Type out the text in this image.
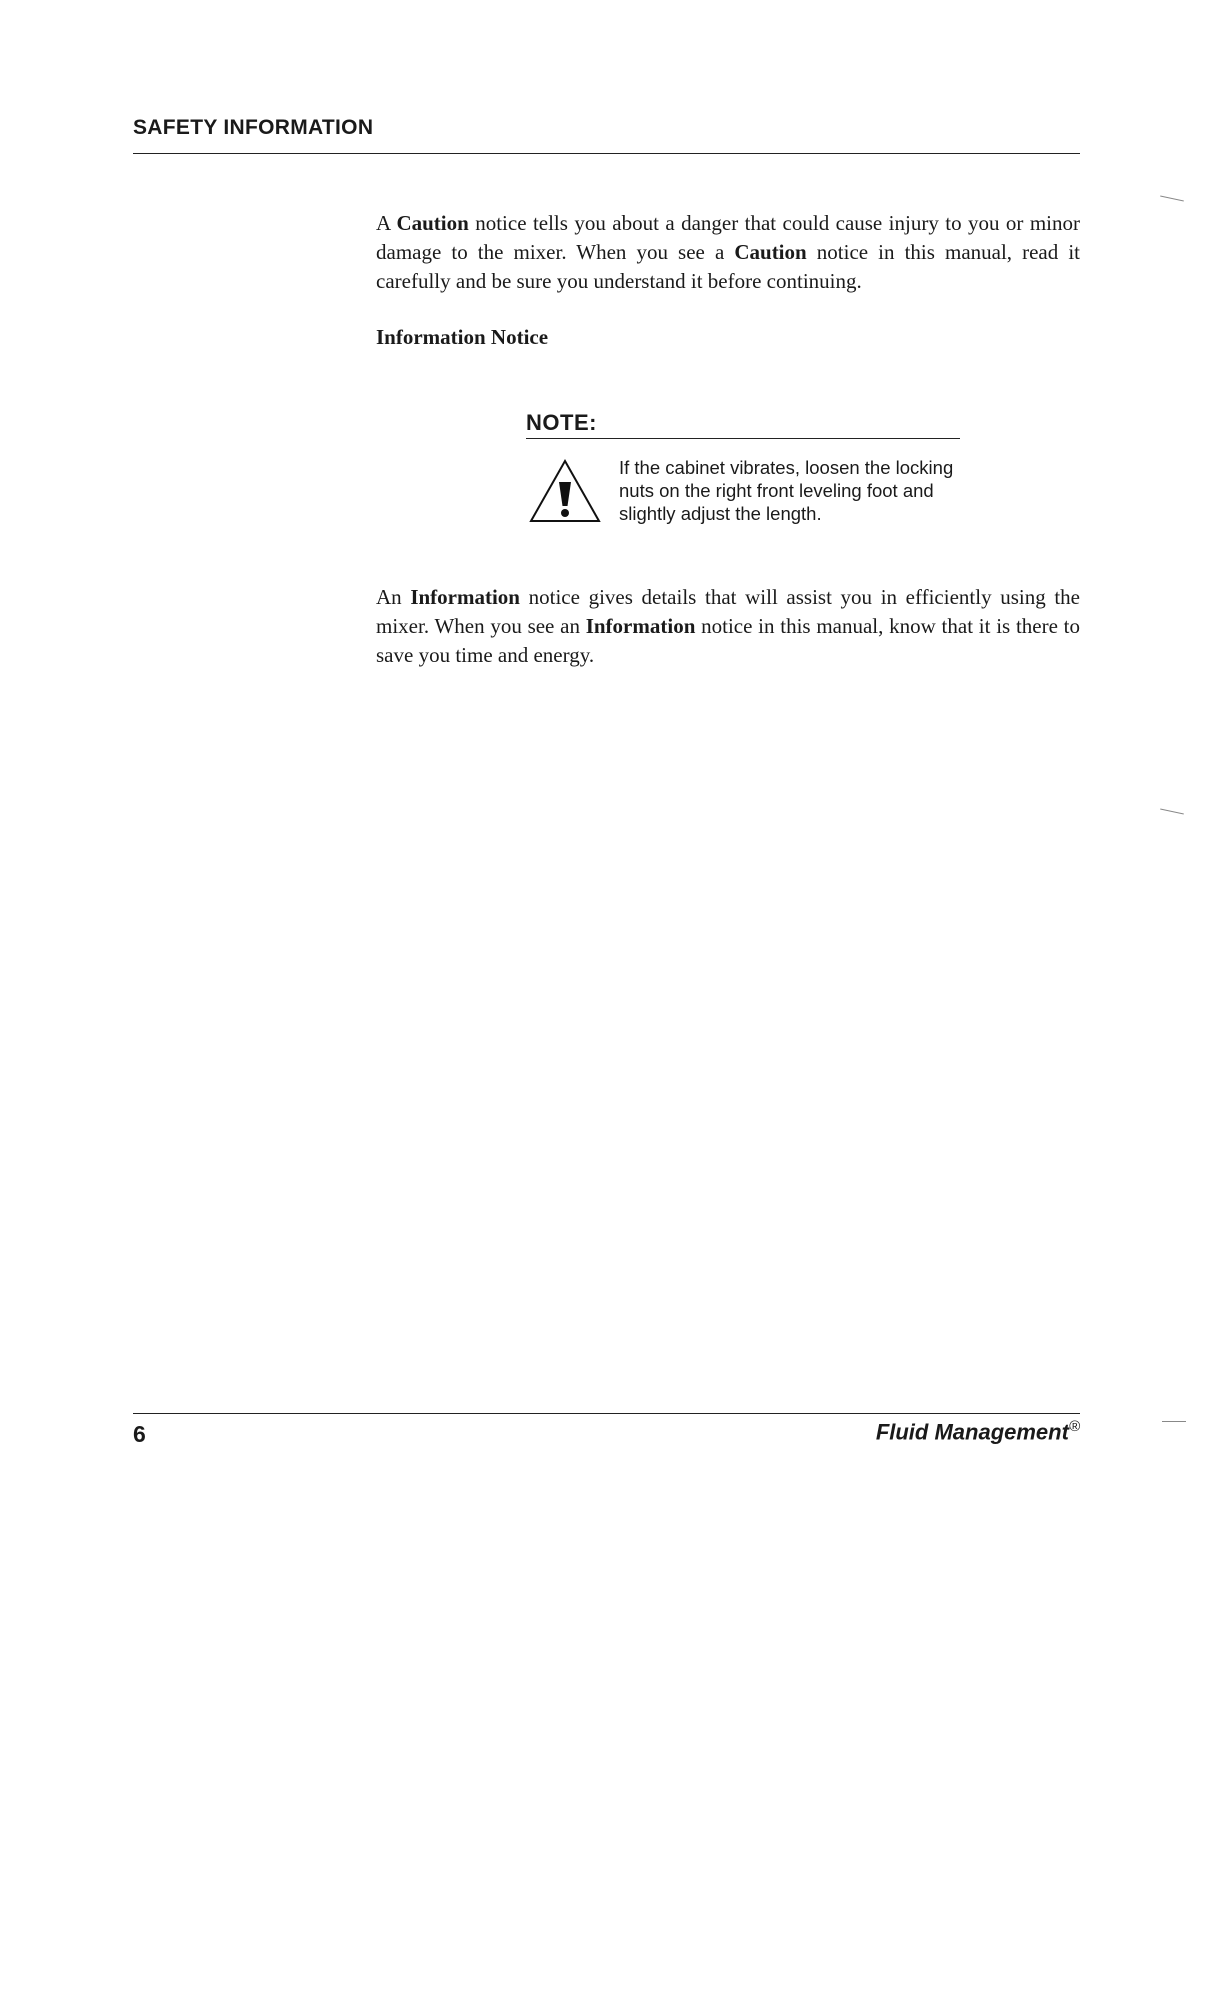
SAFETY INFORMATION

A Caution notice tells you about a danger that could cause injury to you or minor damage to the mixer. When you see a Caution notice in this manual, read it carefully and be sure you understand it before continuing.

Information Notice
NOTE:

If the cabinet vibrates, loosen the locking nuts on the right front leveling foot and slightly adjust the length.

An Information notice gives details that will assist you in efficiently using the mixer. When you see an Information notice in this manual, know that it is there to save you time and energy.

6	Fluid Management®
